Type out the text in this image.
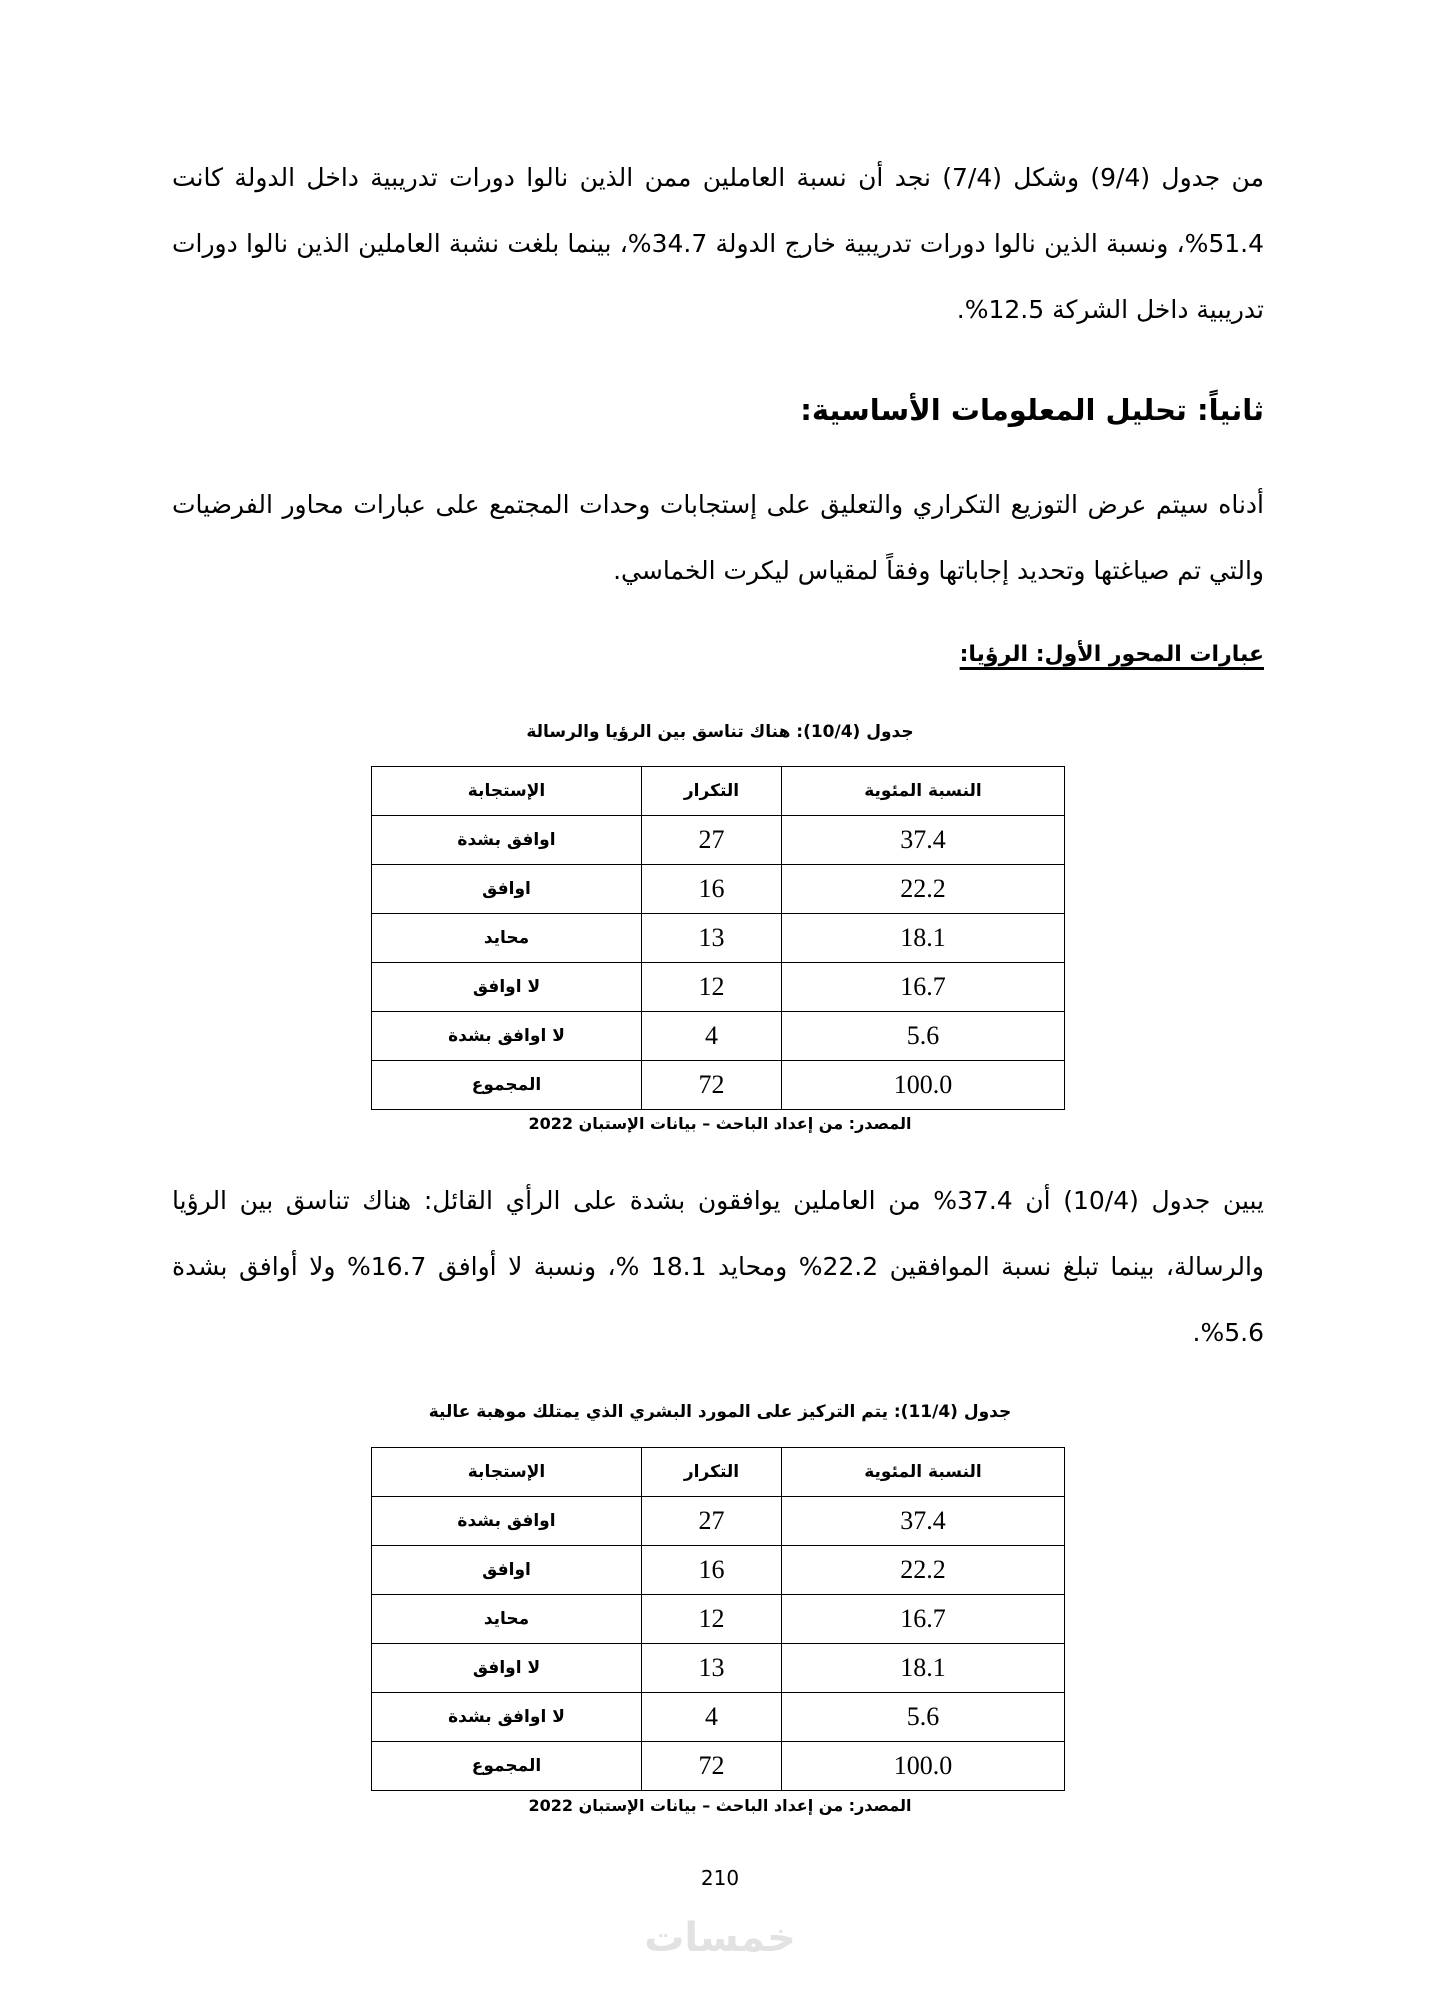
من جدول (9/4) وشكل (7/4) نجد أن نسبة العاملين ممن الذين نالوا دورات تدريبية داخل الدولة كانت 51.4%، ونسبة الذين نالوا دورات تدريبية خارج الدولة 34.7%، بينما بلغت نشبة العاملين الذين نالوا دورات تدريبية داخل الشركة 12.5%.
ثانياً: تحليل المعلومات الأساسية:
أدناه سيتم عرض التوزيع التكراري والتعليق على إستجابات وحدات المجتمع على عبارات محاور الفرضيات والتي تم صياغتها وتحديد إجاباتها وفقاً لمقياس ليكرت الخماسي.
عبارات المحور الأول: الرؤيا:
جدول (10/4): هناك تناسق بين الرؤيا والرسالة
الإستجابة	التكرار	النسبة المئوية
اوافق بشدة	27	37.4
اوافق	16	22.2
محايد	13	18.1
لا اوافق	12	16.7
لا اوافق بشدة	4	5.6
المجموع	72	100.0
المصدر: من إعداد الباحث – بيانات الإستبان 2022
يبين جدول (10/4) أن 37.4% من العاملين يوافقون بشدة على الرأي القائل: هناك تناسق بين الرؤيا والرسالة، بينما تبلغ نسبة الموافقين 22.2% ومحايد 18.1 %، ونسبة لا أوافق 16.7% ولا أوافق بشدة 5.6%.
جدول (11/4): يتم التركيز على المورد البشري الذي يمتلك موهبة عالية
الإستجابة	التكرار	النسبة المئوية
اوافق بشدة	27	37.4
اوافق	16	22.2
محايد	12	16.7
لا اوافق	13	18.1
لا اوافق بشدة	4	5.6
المجموع	72	100.0
المصدر: من إعداد الباحث – بيانات الإستبان 2022
210
خمسات
